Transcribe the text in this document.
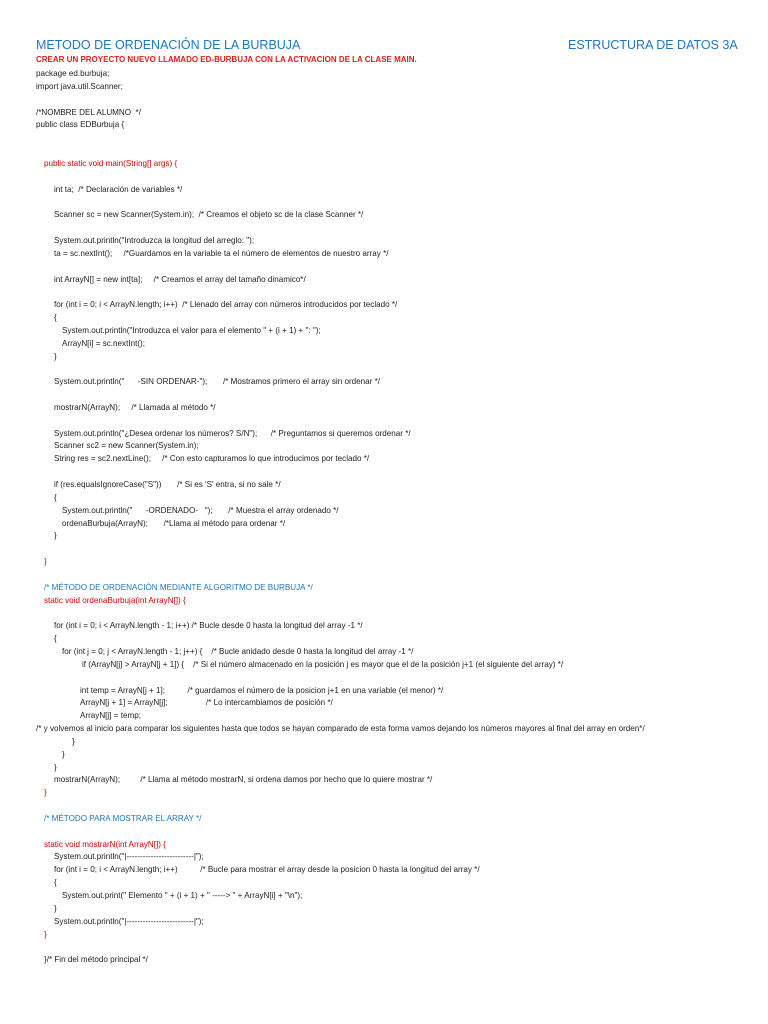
METODO DE ORDENACIÓN DE LA BURBUJA	ESTRUCTURA DE DATOS 3A
CREAR UN PROYECTO NUEVO LLAMADO ED-BURBUJA CON LA ACTIVACION DE LA CLASE MAIN.
package ed.burbuja;
import java.util.Scanner;
/*NOMBRE DEL ALUMNO  */
public class EDBurbuja {
public static void main(String[] args) {
int ta;  /* Declaración de variables */
Scanner sc = new Scanner(System.in);  /* Creamos el objeto sc de la clase Scanner */
System.out.println("Introduzca la longitud del arreglo: ");
ta = sc.nextInt();     /*Guardamos en la variable ta el número de elementos de nuestro array */
int ArrayN[] = new int[ta];     /* Creamos el array del tamaño dinamico*/
for (int i = 0; i < ArrayN.length; i++)  /* Llenado del array con números introducidos por teclado */
{
System.out.println("Introduzca el valor para el elemento " + (i + 1) + ": ");
ArrayN[i] = sc.nextInt();
}
System.out.println("      -SIN ORDENAR-");       /* Mostramos primero el array sin ordenar */
mostrarN(ArrayN);     /* Llamada al método */
System.out.println("¿Desea ordenar los números? S/N");      /* Preguntamos si queremos ordenar */
Scanner sc2 = new Scanner(System.in);
String res = sc2.nextLine();     /* Con esto capturamos lo que introducimos por teclado */
if (res.equalsIgnoreCase("S"))       /* Si es 'S' entra, si no sale */
{
System.out.println("      -ORDENADO-   ");       /* Muestra el array ordenado */
ordenaBurbuja(ArrayN);       /*Llama al método para ordenar */
}
}
/* MÉTODO DE ORDENACIÓN MEDIANTE ALGORITMO DE BURBUJA */
static void ordenaBurbuja(int ArrayN[]) {
for (int i = 0; i < ArrayN.length - 1; i++) /* Bucle desde 0 hasta la longitud del array -1 */
{
for (int j = 0; j < ArrayN.length - 1; j++) {    /* Bucle anidado desde 0 hasta la longitud del array -1 */
if (ArrayN[j] > ArrayN[j + 1]) {    /* Si el número almacenado en la posición j es mayor que el de la posición j+1 (el siguiente del array) */
int temp = ArrayN[j + 1];          /* guardamos el número de la posicion j+1 en una variable (el menor) */
ArrayN[j + 1] = ArrayN[j];                 /* Lo intercambiamos de posición */
ArrayN[j] = temp;
/* y volvemos al inicio para comparar los siguientes hasta que todos se hayan comparado de esta forma vamos dejando los números mayores al final del array en orden*/
}
}
}
mostrarN(ArrayN);         /* Llama al método mostrarN, si ordena damos por hecho que lo quiere mostrar */
}
/* MÉTODO PARA MOSTRAR EL ARRAY */
static void mostrarN(int ArrayN[]) {
System.out.println("|-------------------------|");
for (int i = 0; i < ArrayN.length; i++)          /* Bucle para mostrar el array desde la posicion 0 hasta la longitud del array */
{
System.out.print(" Elemento " + (i + 1) + " -----> " + ArrayN[i] + "\n");
}
System.out.println("|-------------------------|");
}
}/* Fin del método principal */
